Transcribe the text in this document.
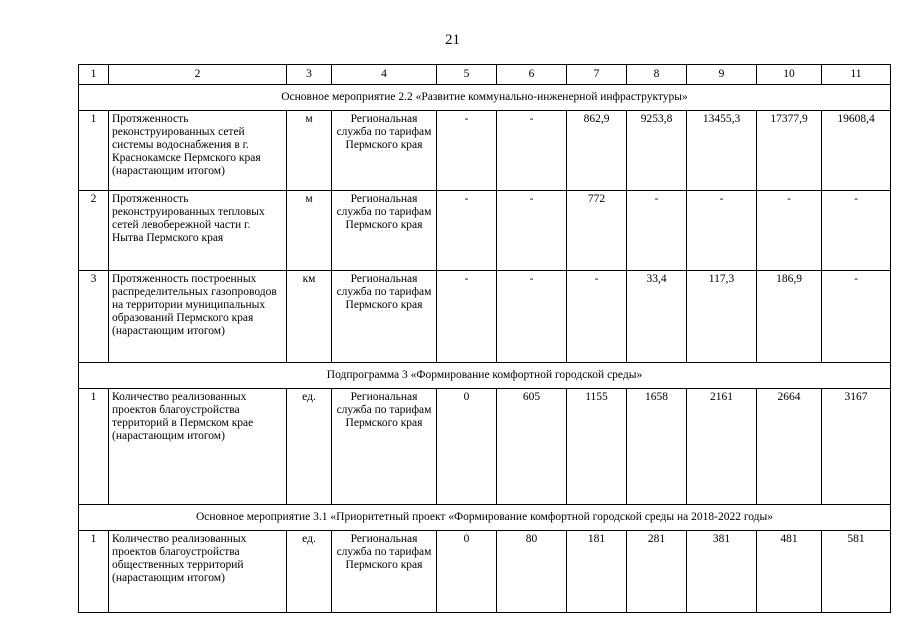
21
1	2	3	4	5	6	7	8	9	10	11
Основное мероприятие 2.2 «Развитие коммунально-инженерной инфраструктуры»										
1	Протяженность реконструированных сетей системы водоснабжения в г. Краснокамске Пермского края (нарастающим итогом)	м	Региональная служба по тарифам Пермского края	-	-	862,9	9253,8	13455,3	17377,9	19608,4
2	Протяженность реконструированных тепловых сетей левобережной части г. Нытва Пермского края	м	Региональная служба по тарифам Пермского края	-	-	772	-	-	-	-
3	Протяженность построенных распределительных газопроводов на территории муниципальных образований Пермского края (нарастающим итогом)	км	Региональная служба по тарифам Пермского края	-	-	-	33,4	117,3	186,9	-
Подпрограмма 3 «Формирование комфортной городской среды»										
1	Количество реализованных проектов благоустройства территорий в Пермском крае (нарастающим итогом)	ед.	Региональная служба по тарифам Пермского края	0	605	1155	1658	2161	2664	3167
Основное мероприятие 3.1 «Приоритетный проект «Формирование комфортной городской среды на 2018-2022 годы»										
1	Количество реализованных проектов благоустройства общественных территорий (нарастающим итогом)	ед.	Региональная служба по тарифам Пермского края	0	80	181	281	381	481	581
